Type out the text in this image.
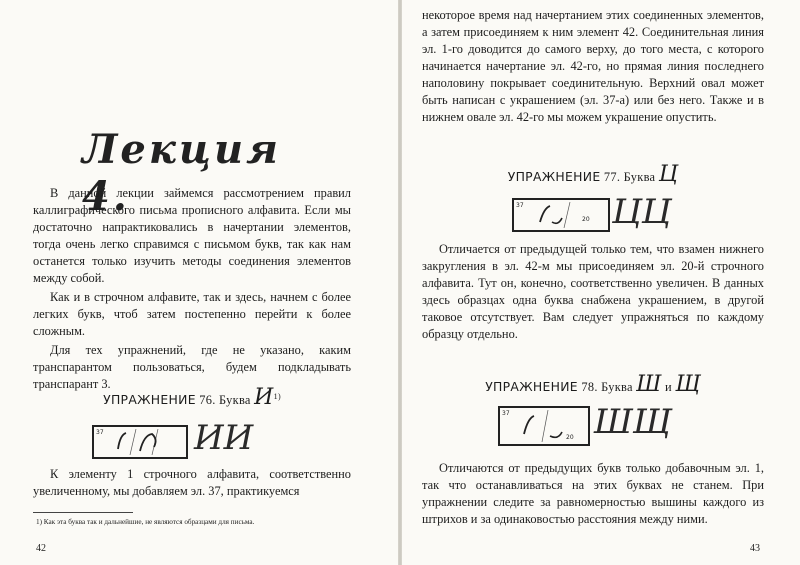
Лекция 4.

В данной лекции займемся рассмотрением правил каллиграфического письма прописного алфавита. Если мы достаточно напрактиковались в начертании элементов, тогда очень легко справимся с письмом букв, так как нам останется только изучить методы соединения элементов между собой.

Как и в строчном алфавите, так и здесь, начнем с более легких букв, чтоб затем постепенно перейти к более сложным.

Для тех упражнений, где не указано, каким транспарантом пользоваться, будем подкладывать транспарант 3.

УПРАЖНЕНИЕ 76. Буква $И^{1)}$
37	ИИ

К элементу 1 строчного алфавита, соответственно увеличенному, мы добавляем эл. 37, практикуемся

1) Как эта буква так и дальнейшие, не являются образцами для письма.
42

некоторое время над начертанием этих соединенных элементов, а затем присоединяем к ним элемент 42. Соединительная линия эл. 1-го доводится до самого верху, до того места, с которого начинается начертание эл. 42-го, но прямая линия последнего наполовину покрывает соединительную. Верхний овал может быть написан с украшением (эл. 37-а) или без него. Также и в нижнем овале эл. 42-го мы можем украшение опустить.

УПРАЖНЕНИЕ 77. Буква Ц
37
20 ЦЦ

Отличается от предыдущей только тем, что взамен нижнего закругления в эл. 42-м мы присоединяем эл. 20-й строчного алфавита. Тут он, конечно, соответственно увеличен. В данных здесь образцах одна буква снабжена украшением, в другой таковое отсутствует. Вам следует упражняться по каждому образцу отдельно.

УПРАЖНЕНИЕ 78. Буква Ш и Щ
37
20 ШЩ

Отличаются от предыдущих букв только добавочным эл. 1, так что останавливаться на этих буквах не станем. При упражнении следите за равномерностью вышины каждого из штрихов и за одинаковостью расстояния между ними.

43
